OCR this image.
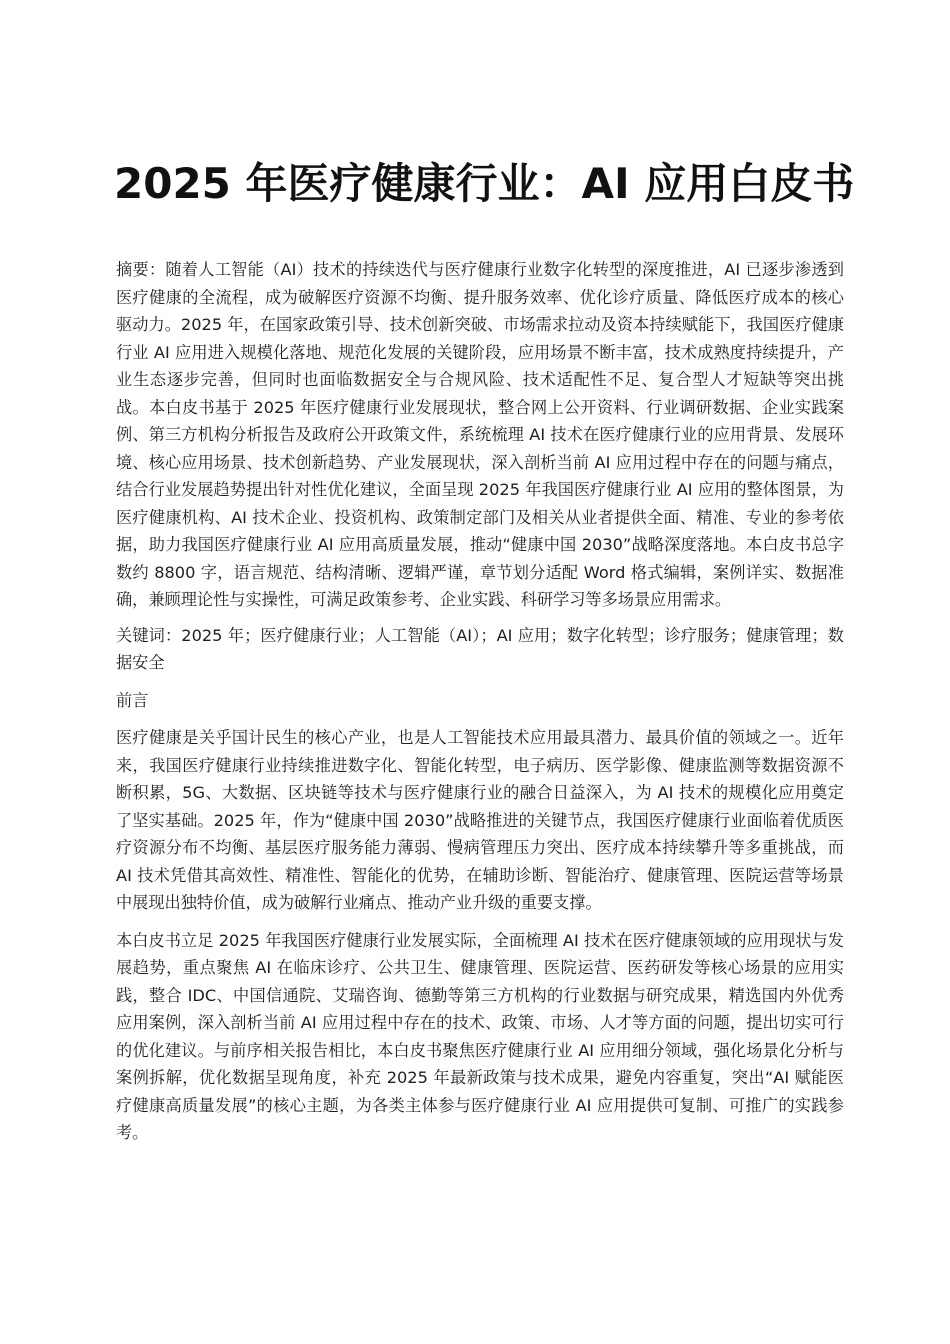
2025 年医疗健康行业：AI 应用白皮书

摘要：随着人工智能（AI）技术的持续迭代与医疗健康行业数字化转型的深度推进，AI 已逐步渗透到医疗健康的全流程，成为破解医疗资源不均衡、提升服务效率、优化诊疗质量、降低医疗成本的核心驱动力。2025 年，在国家政策引导、技术创新突破、市场需求拉动及资本持续赋能下，我国医疗健康行业 AI 应用进入规模化落地、规范化发展的关键阶段，应用场景不断丰富，技术成熟度持续提升，产业生态逐步完善，但同时也面临数据安全与合规风险、技术适配性不足、复合型人才短缺等突出挑战。本白皮书基于 2025 年医疗健康行业发展现状，整合网上公开资料、行业调研数据、企业实践案例、第三方机构分析报告及政府公开政策文件，系统梳理 AI 技术在医疗健康行业的应用背景、发展环境、核心应用场景、技术创新趋势、产业发展现状，深入剖析当前 AI 应用过程中存在的问题与痛点，结合行业发展趋势提出针对性优化建议，全面呈现 2025 年我国医疗健康行业 AI 应用的整体图景，为医疗健康机构、AI 技术企业、投资机构、政策制定部门及相关从业者提供全面、精准、专业的参考依据，助力我国医疗健康行业 AI 应用高质量发展，推动“健康中国 2030”战略深度落地。本白皮书总字数约 8800 字，语言规范、结构清晰、逻辑严谨，章节划分适配 Word 格式编辑，案例详实、数据准确，兼顾理论性与实操性，可满足政策参考、企业实践、科研学习等多场景应用需求。

关键词：2025 年；医疗健康行业；人工智能（AI）；AI 应用；数字化转型；诊疗服务；健康管理；数据安全

前言

医疗健康是关乎国计民生的核心产业，也是人工智能技术应用最具潜力、最具价值的领域之一。近年来，我国医疗健康行业持续推进数字化、智能化转型，电子病历、医学影像、健康监测等数据资源不断积累，5G、大数据、区块链等技术与医疗健康行业的融合日益深入，为 AI 技术的规模化应用奠定了坚实基础。2025 年，作为“健康中国 2030”战略推进的关键节点，我国医疗健康行业面临着优质医疗资源分布不均衡、基层医疗服务能力薄弱、慢病管理压力突出、医疗成本持续攀升等多重挑战，而 AI 技术凭借其高效性、精准性、智能化的优势，在辅助诊断、智能治疗、健康管理、医院运营等场景中展现出独特价值，成为破解行业痛点、推动产业升级的重要支撑。

本白皮书立足 2025 年我国医疗健康行业发展实际，全面梳理 AI 技术在医疗健康领域的应用现状与发展趋势，重点聚焦 AI 在临床诊疗、公共卫生、健康管理、医院运营、医药研发等核心场景的应用实践，整合 IDC、中国信通院、艾瑞咨询、德勤等第三方机构的行业数据与研究成果，精选国内外优秀应用案例，深入剖析当前 AI 应用过程中存在的技术、政策、市场、人才等方面的问题，提出切实可行的优化建议。与前序相关报告相比，本白皮书聚焦医疗健康行业 AI 应用细分领域，强化场景化分析与案例拆解，优化数据呈现角度，补充 2025 年最新政策与技术成果，避免内容重复，突出“AI 赋能医疗健康高质量发展”的核心主题，为各类主体参与医疗健康行业 AI 应用提供可复制、可推广的实践参考。
